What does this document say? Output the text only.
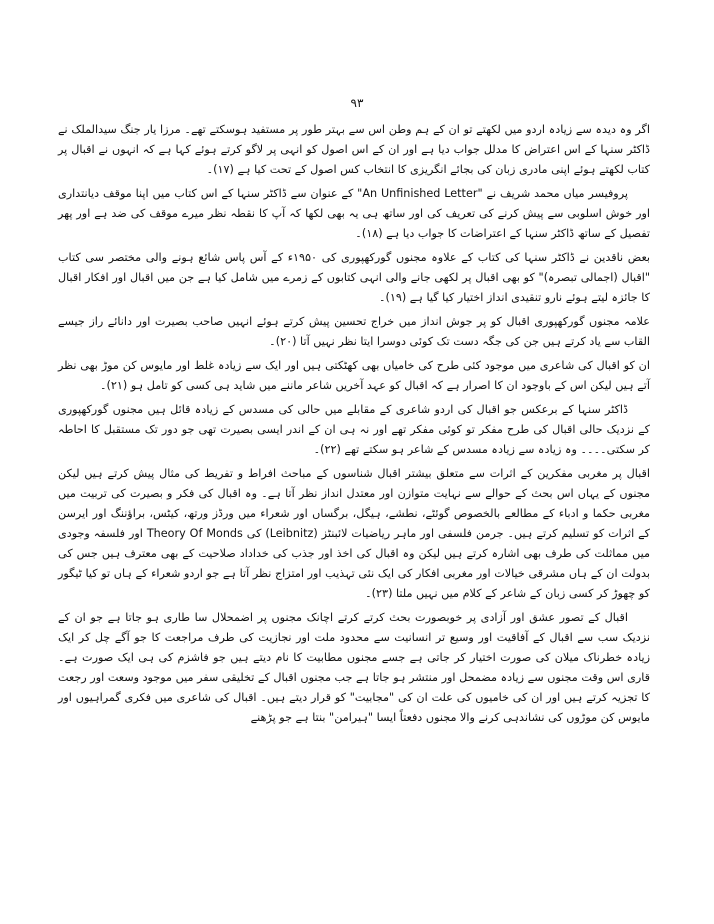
۹۳

اگر وہ دیدہ سے زیادہ اردو میں لکھتے تو ان کے ہم وطن اس سے بہتر طور پر مستفید ہوسکتے تھے۔ مرزا یار جنگ سیدالملک نے ڈاکٹر سنہا کے اس اعتراض کا مدلل جواب دیا ہے اور ان کے اس اصول کو انہی پر لاگو کرتے ہوئے کہا ہے کہ انہوں نے اقبال پر کتاب لکھتے ہوئے اپنی مادری زبان کی بجائے انگریزی کا انتخاب کس اصول کے تحت کیا ہے (۱۷)۔

پروفیسر میاں محمد شریف نے "An Unfinished Letter" کے عنوان سے ڈاکٹر سنہا کے اس کتاب میں اپنا موقف دیانتداری اور خوش اسلوبی سے پیش کرنے کی تعریف کی اور ساتھ ہی یہ بھی لکھا کہ آپ کا نقطہ نظر میرے موقف کی ضد ہے اور پھر تفصیل کے ساتھ ڈاکٹر سنہا کے اعتراضات کا جواب دیا ہے (۱۸)۔

بعض ناقدین نے ڈاکٹر سنہا کی کتاب کے علاوہ مجنوں گورکھپوری کی ۱۹۵۰ء کے آس پاس شائع ہونے والی مختصر سی کتاب "اقبال (اجمالی تبصرہ)" کو بھی اقبال پر لکھی جانے والی انہی کتابوں کے زمرے میں شامل کیا ہے جن میں اقبال اور افکار اقبال کا جائزہ لیتے ہوئے نارو تنقیدی انداز اختیار کیا گیا ہے (۱۹)۔

علامہ مجنوں گورکھپوری اقبال کو پر جوش انداز میں خراج تحسین پیش کرتے ہوئے انہیں صاحب بصیرت اور دانائے راز جیسے القاب سے یاد کرتے ہیں جن کی جگہ دست تک کوئی دوسرا ایتا نظر نہیں آتا (۲۰)۔

ان کو اقبال کی شاعری میں موجود کئی طرح کی خامیاں بھی کھٹکتی ہیں اور ایک سے زیادہ غلط اور مایوس کن موڑ بھی نظر آتے ہیں لیکن اس کے باوجود ان کا اصرار ہے کہ اقبال کو عہد آخریں شاعر ماننے میں شاید ہی کسی کو تامل ہو (۲۱)۔

ڈاکٹر سنہا کے برعکس جو اقبال کی اردو شاعری کے مقابلے میں حالی کی مسدس کے زیادہ قائل ہیں مجنوں گورکھپوری کے نزدیک حالی اقبال کی طرح مفکر تو کوئی مفکر تھے اور نہ ہی ان کے اندر ایسی بصیرت تھی جو دور تک مستقبل کا احاطہ کر سکتی۔۔۔۔ وہ زیادہ سے زیادہ مسدس کے شاعر ہو سکتے تھے (۲۲)۔

اقبال پر مغربی مفکرین کے اثرات سے متعلق بیشتر اقبال شناسوں کے مباحث افراط و تفریط کی مثال پیش کرتے ہیں لیکن مجنوں کے یہاں اس بحث کے حوالے سے نہایت متوازن اور معتدل انداز نظر آتا ہے۔ وہ اقبال کی فکر و بصیرت کی تربیت میں مغربی حکما و ادباء کے مطالعے بالخصوص گوئٹے، نطشے، ہیگل، برگساں اور شعراء میں ورڈز ورتھ، کیٹس، براؤننگ اور ایرسن کے اثرات کو تسلیم کرتے ہیں۔ جرمن فلسفی اور ماہر ریاضیات لائبنٹز (Leibnitz) کی Theory Of Monds اور فلسفہ وجودی میں مماثلت کی طرف بھی اشارہ کرتے ہیں لیکن وہ اقبال کی اخذ اور جذب کی خداداد صلاحیت کے بھی معترف ہیں جس کی بدولت ان کے ہاں مشرقی خیالات اور مغربی افکار کی ایک نئی تہذیب اور امتزاج نظر آتا ہے جو اردو شعراء کے ہاں تو کیا ٹیگور کو چھوڑ کر کسی زبان کے شاعر کے کلام میں نہیں ملتا (۲۳)۔

اقبال کے تصور عشق اور آزادی پر خوبصورت بحث کرتے کرتے اچانک مجنوں پر اضمحلال سا طاری ہو جاتا ہے جو ان کے نزدیک سب سے اقبال کے آفاقیت اور وسیع تر انسانیت سے محدود ملت اور نجازیت کی طرف مراجعت کا جو آگے چل کر ایک زیادہ خطرناک میلان کی صورت اختیار کر جاتی ہے جسے مجنوں مطابیت کا نام دیتے ہیں جو فاشزم کی ہی ایک صورت ہے۔ قاری اس وقت مجنوں سے زیادہ مضمحل اور منتشر ہو جاتا ہے جب مجنوں اقبال کے تخلیقی سفر میں موجود وسعت اور رجعت کا تجزیہ کرتے ہیں اور ان کی خامیوں کی علت ان کی "مجابیت" کو قرار دیتے ہیں۔ اقبال کی شاعری میں فکری گمراہیوں اور مایوس کن موڑوں کی نشاندہی کرنے والا مجنوں دفعتاً ایسا "ہیرامن" بنتا ہے جو پڑھنے
